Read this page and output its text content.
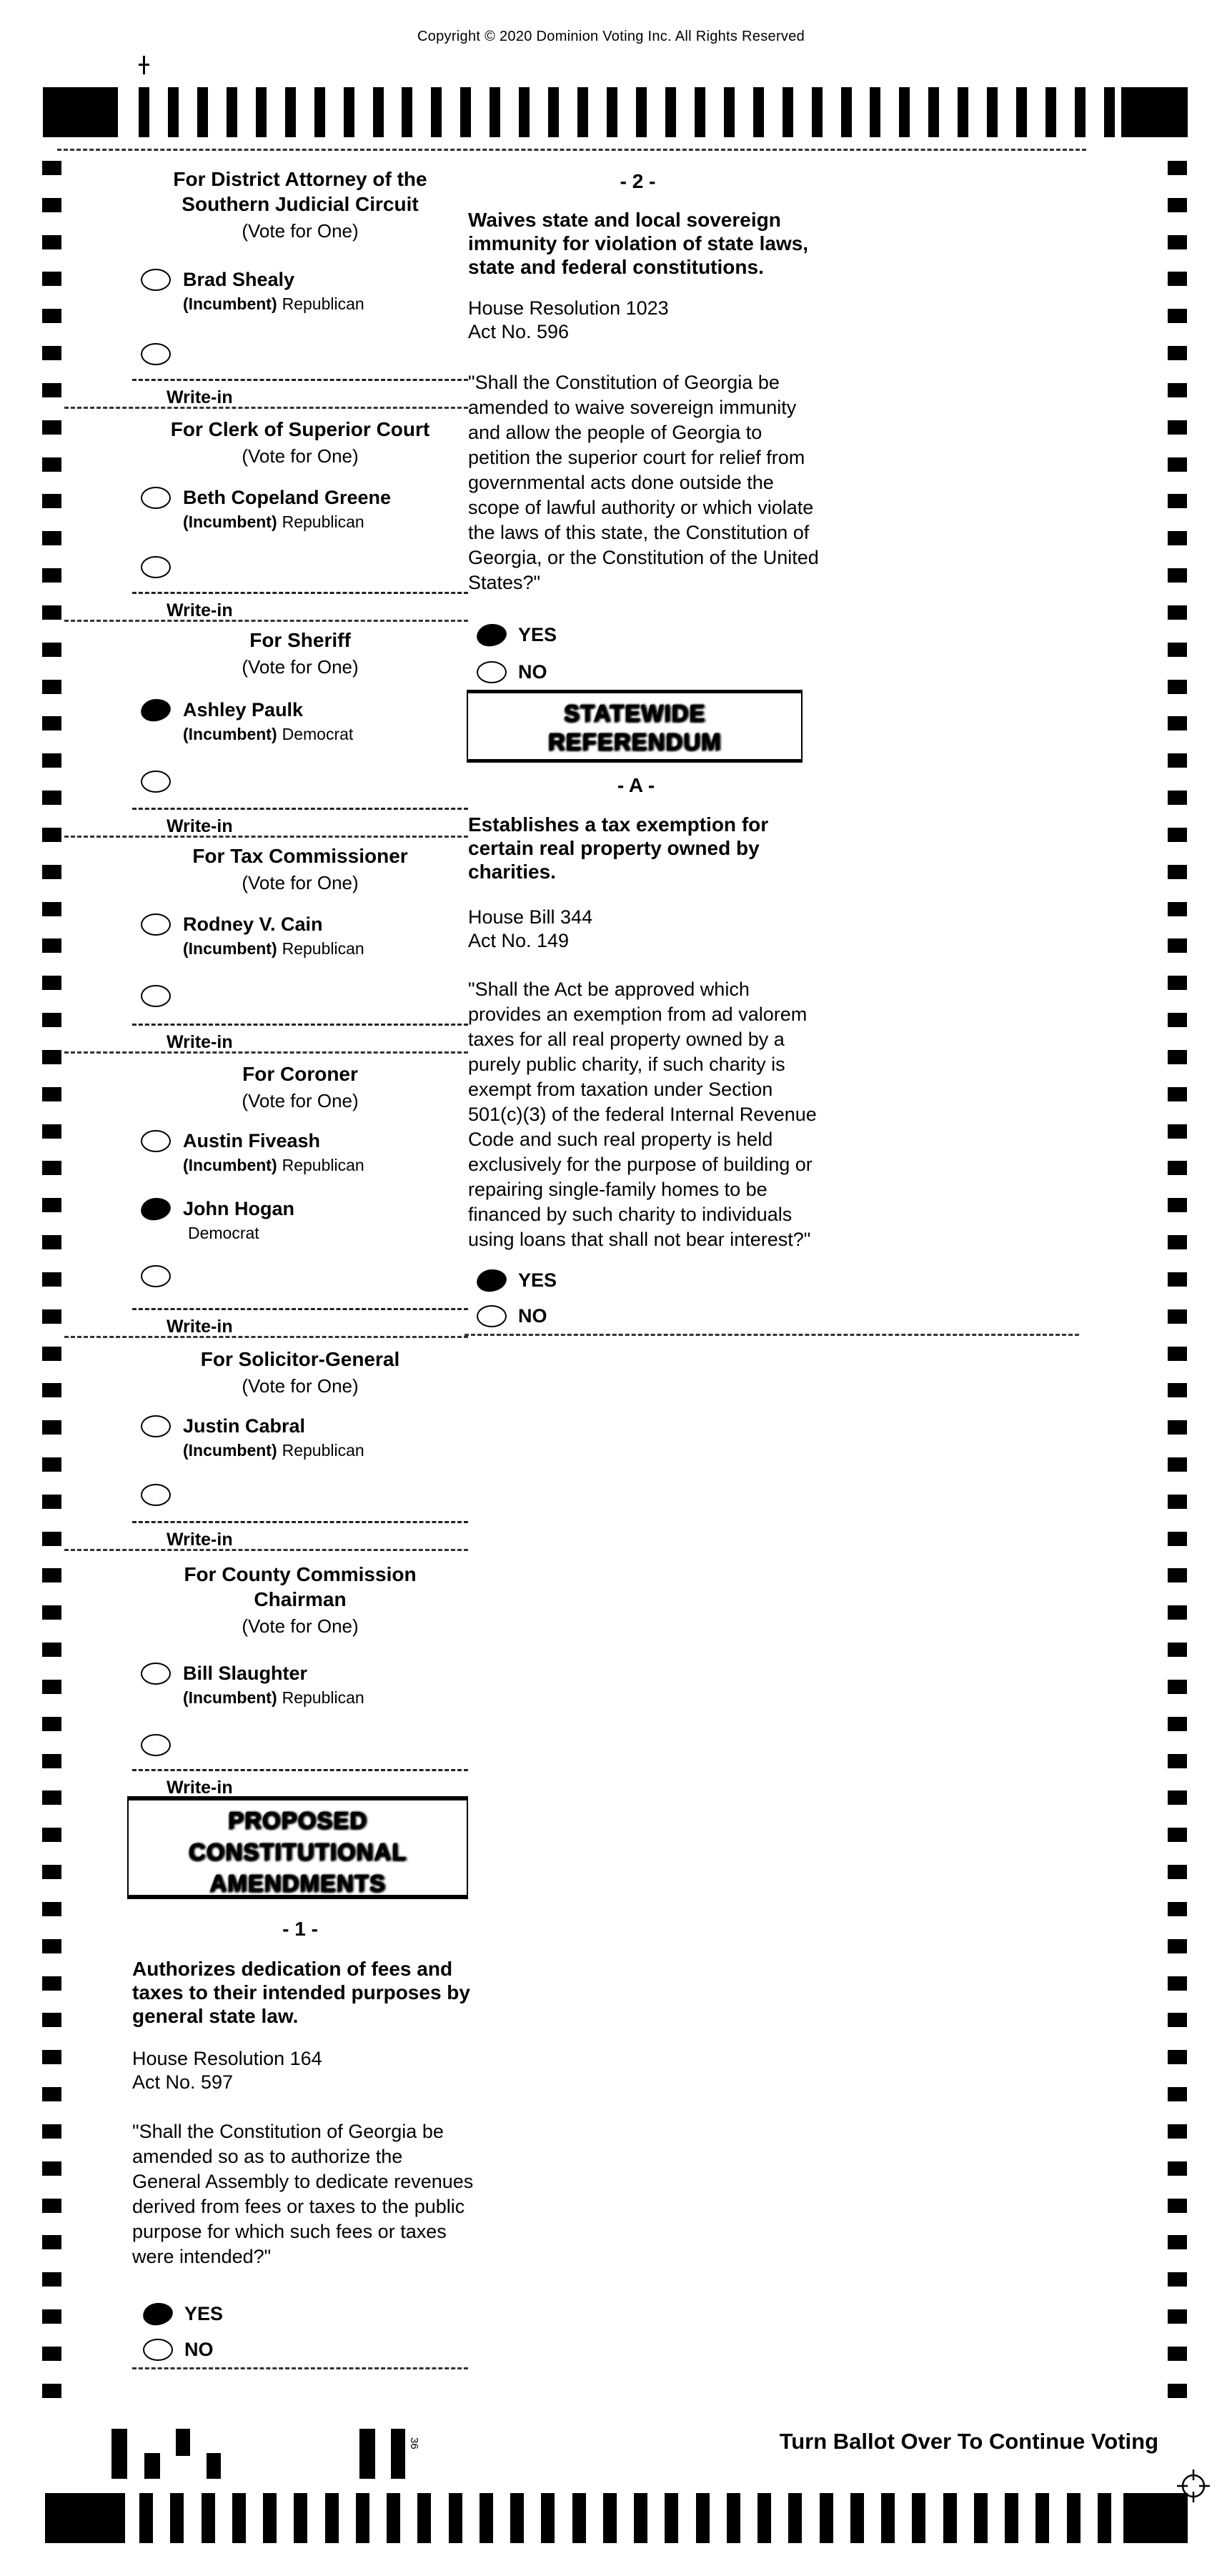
Copyright © 2020 Dominion Voting Inc. All Rights Reserved
For District Attorney of the
Southern Judicial Circuit
(Vote for One)
Brad Shealy
(Incumbent) Republican
Write-in
For Clerk of Superior Court
(Vote for One)
Beth Copeland Greene
(Incumbent) Republican
Write-in
For Sheriff
(Vote for One)
Ashley Paulk
(Incumbent) Democrat
Write-in
For Tax Commissioner
(Vote for One)
Rodney V. Cain
(Incumbent) Republican
Write-in
For Coroner
(Vote for One)
Austin Fiveash
(Incumbent) Republican
John Hogan
Democrat
Write-in
For Solicitor-General
(Vote for One)
Justin Cabral
(Incumbent) Republican
Write-in
For County Commission
Chairman
(Vote for One)
Bill Slaughter
(Incumbent) Republican
Write-in
PROPOSED
CONSTITUTIONAL
AMENDMENTS
- 1 -
Authorizes dedication of fees and taxes to their intended purposes by general state law.
House Resolution 164
Act No. 597
"Shall the Constitution of Georgia be amended so as to authorize the General Assembly to dedicate revenues derived from fees or taxes to the public purpose for which such fees or taxes were intended?"
YES
NO
- 2 -
Waives state and local sovereign immunity for violation of state laws, state and federal constitutions.
House Resolution 1023
Act No. 596
"Shall the Constitution of Georgia be amended to waive sovereign immunity and allow the people of Georgia to petition the superior court for relief from governmental acts done outside the scope of lawful authority or which violate the laws of this state, the Constitution of Georgia, or the Constitution of the United States?"
YES
NO
STATEWIDE
REFERENDUM
- A -
Establishes a tax exemption for certain real property owned by charities.
House Bill 344
Act No. 149
"Shall the Act be approved which provides an exemption from ad valorem taxes for all real property owned by a purely public charity, if such charity is exempt from taxation under Section 501(c)(3) of the federal Internal Revenue Code and such real property is held exclusively for the purpose of building or repairing single-family homes to be financed by such charity to individuals using loans that shall not bear interest?"
YES
NO
36	Turn Ballot Over To Continue Voting
